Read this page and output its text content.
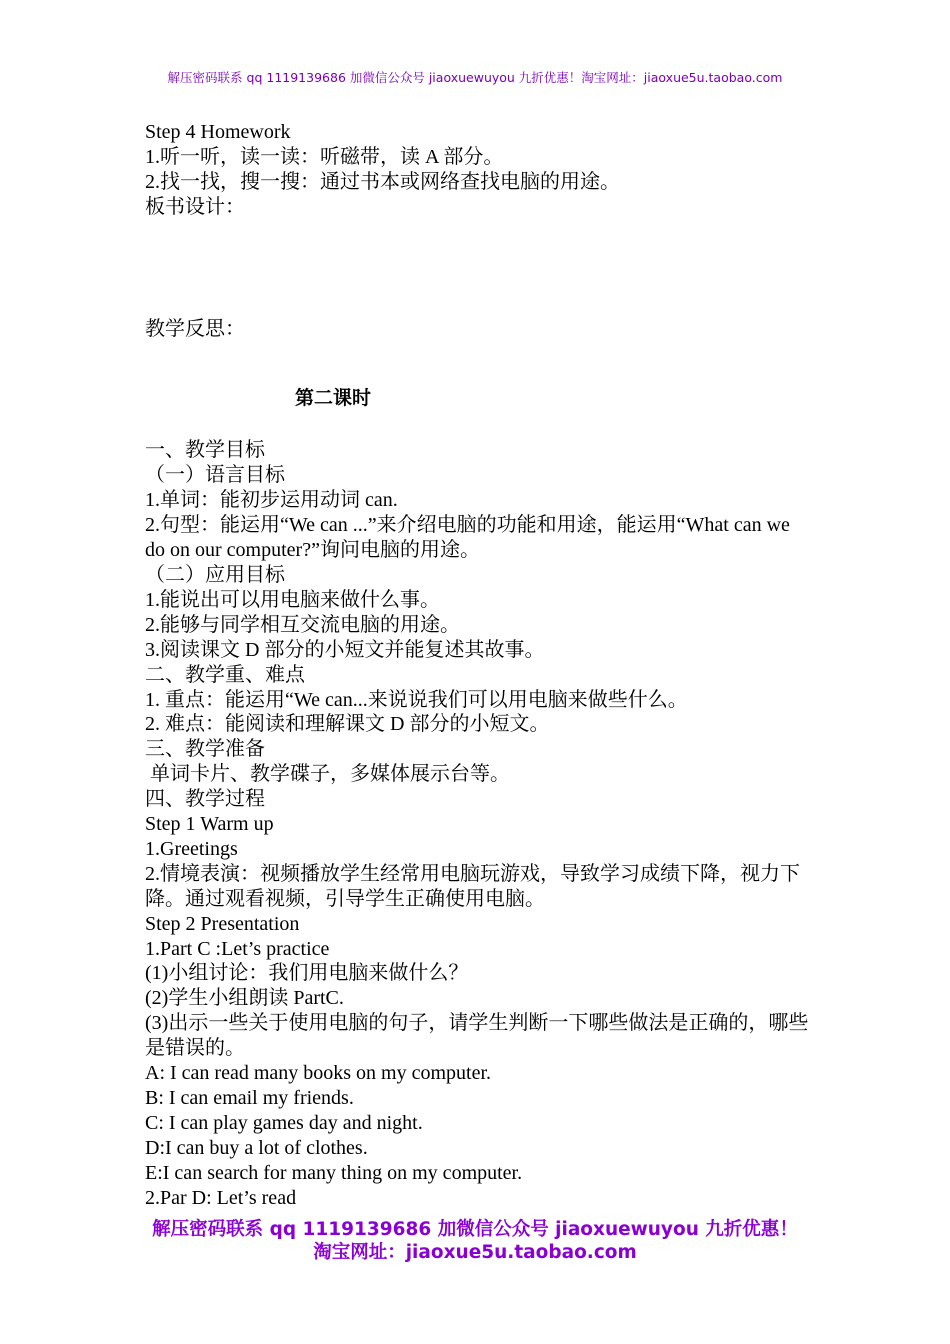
解压密码联系 qq 1119139686 加微信公众号 jiaoxuewuyou 九折优惠！淘宝网址：jiaoxue5u.taobao.com
Step 4 Homework
1.听一听，读一读：听磁带，读 A 部分。
2.找一找，搜一搜：通过书本或网络查找电脑的用途。
板书设计：
教学反思：
第二课时
一、教学目标
（一）语言目标
1.单词：能初步运用动词 can.
2.句型：能运用“We can ...”来介绍电脑的功能和用途，能运用“What can we do on our computer?”询问电脑的用途。
（二）应用目标
1.能说出可以用电脑来做什么事。
2.能够与同学相互交流电脑的用途。
3.阅读课文 D 部分的小短文并能复述其故事。
二、教学重、难点
1. 重点：能运用“We can...来说说我们可以用电脑来做些什么。
2. 难点：能阅读和理解课文 D 部分的小短文。
三、教学准备
单词卡片、教学碟子，多媒体展示台等。
四、教学过程
Step 1 Warm up
1.Greetings
2.情境表演：视频播放学生经常用电脑玩游戏，导致学习成绩下降，视力下降。通过观看视频，引导学生正确使用电脑。
Step 2 Presentation
1.Part C :Let’s practice
(1)小组讨论：我们用电脑来做什么？
(2)学生小组朗读 PartC.
(3)出示一些关于使用电脑的句子，请学生判断一下哪些做法是正确的，哪些是错误的。
A: I can read many books on my computer.
B: I can email my friends.
C: I can play games day and night.
D:I can buy a lot of clothes.
E:I can search for many thing on my computer.
2.Par D: Let’s read
解压密码联系 qq 1119139686 加微信公众号 jiaoxuewuyou 九折优惠！
淘宝网址：jiaoxue5u.taobao.com
